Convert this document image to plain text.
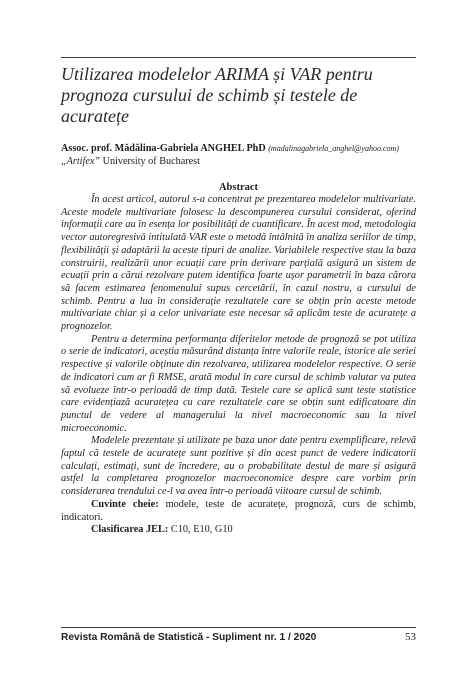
Utilizarea modelelor ARIMA și VAR pentru prognoza cursului de schimb și testele de acuratețe
Assoc. prof. Mădălina-Gabriela ANGHEL PhD (madalinagabriela_anghel@yahoo.com)
„Artifex” University of Bucharest
Abstract

În acest articol, autorul s-a concentrat pe prezentarea modelelor multivariate. Aceste modele multivariate folosesc la descompunerea cursului considerat, oferind informații care au în esența lor posibilități de cuantificare. În acest mod, metodologia vector autoregresivă intitulată VAR este o metodă întâlnită în analiza seriilor de timp, flexibilității și adaptării la aceste tipuri de analize. Variabilele respective stau la baza construirii, realizării unor ecuații care prin derivare parțială asigură un sistem de ecuații prin a cărui rezolvare putem identifica foarte ușor parametrii în baza cărora să facem estimarea fenomenului supus cercetării, în cazul nostru, a cursului de schimb. Pentru a lua în considerație rezultatele care se obțin prin aceste metode multivariate chiar și a celor univariate este necesar să aplicăm teste de acuratețe a prognozelor.

Pentru a determina performanța diferitelor metode de prognoză se pot utiliza o serie de indicatori, aceștia măsurând distanța între valorile reale, istorice ale seriei respective și valorile obținute din rezolvarea, utilizarea modelelor respective. O serie de indicatori cum ar fi RMSE, arată modul în care cursul de schimb valutar va putea să evolueze într-o perioadă de timp dată. Testele care se aplică sunt teste statistice care evidențiază acuratețea cu care rezultatele care se obțin sunt edificatoare din punctul de vedere al managerului la nivel macroeconomic sau la nivel microeconomic.

Modelele prezentate și utilizate pe baza unor date pentru exemplificare, relevă faptul că testele de acuratețe sunt pozitive și din acest punct de vedere indicatorii calculați, estimați, sunt de încredere, au o probabilitate destul de mare și asigură astfel la completarea prognozelor macroeconomice despre care vorbim prin considerarea trendului ce-l va avea într-o perioadă viitoare cursul de schimb.

Cuvinte cheie: modele, teste de acuratețe, prognoză, curs de schimb, indicatori.

Clasificarea JEL: C10, E10, G10

Revista Română de Statistică - Supliment nr. 1 / 2020	53
